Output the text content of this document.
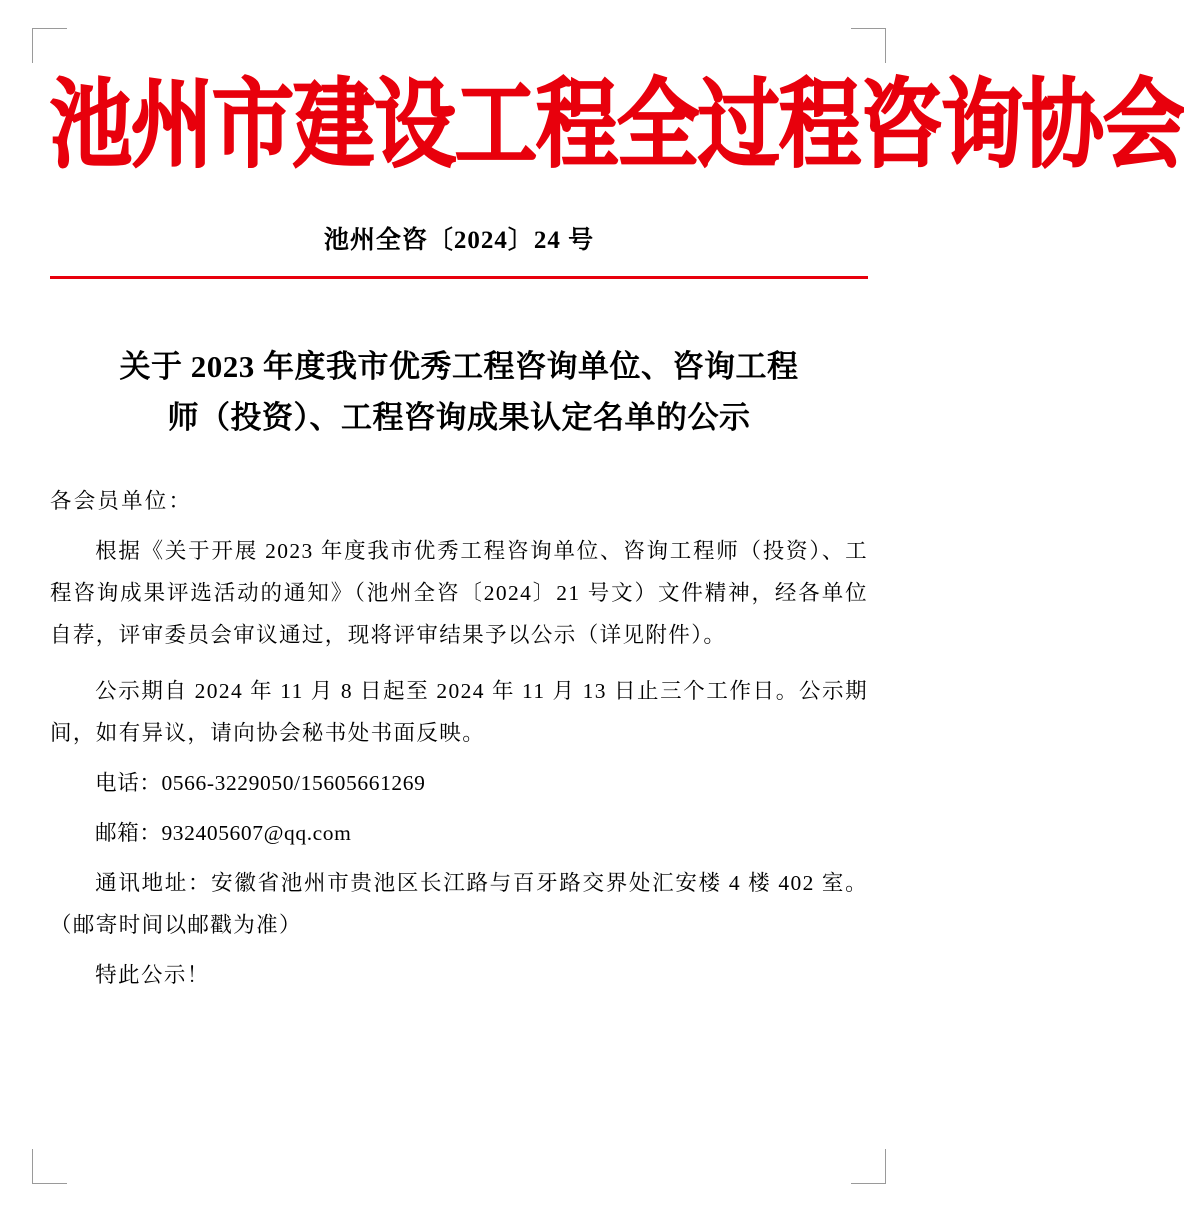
池州市建设工程全过程咨询协会
池州全咨〔2024〕24 号
关于 2023 年度我市优秀工程咨询单位、咨询工程
师（投资）、工程咨询成果认定名单的公示
各会员单位：

根据《关于开展 2023 年度我市优秀工程咨询单位、咨询工程师（投资）、工程咨询成果评选活动的通知》（池州全咨〔2024〕21 号文）文件精神，经各单位自荐，评审委员会审议通过，现将评审结果予以公示（详见附件）。

公示期自 2024 年 11 月 8 日起至 2024 年 11 月 13 日止三个工作日。公示期间，如有异议，请向协会秘书处书面反映。

电话：0566-3229050/15605661269

邮箱：932405607@qq.com

通讯地址：安徽省池州市贵池区长江路与百牙路交界处汇安楼 4 楼 402 室。（邮寄时间以邮戳为准）

特此公示！
